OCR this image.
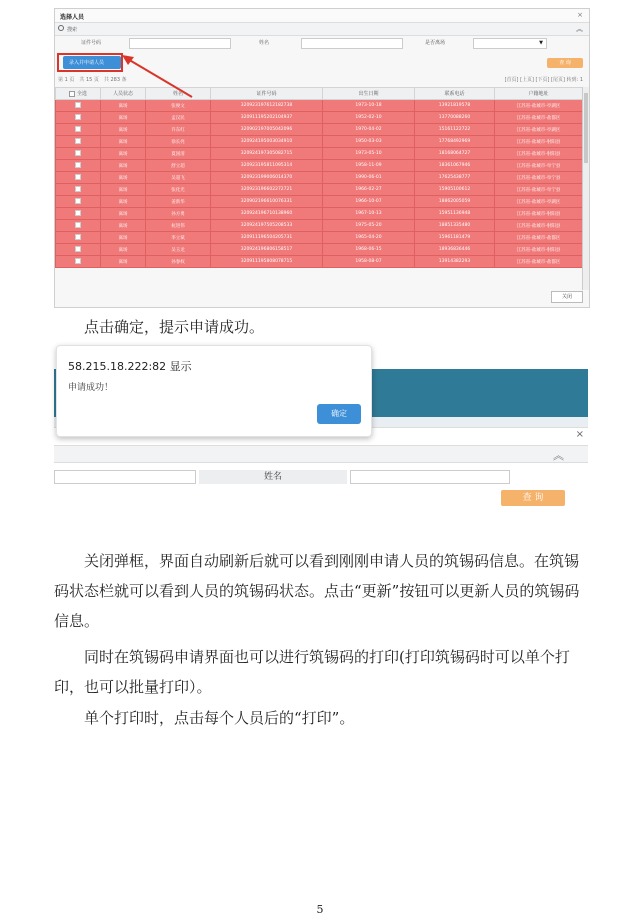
选择人员	×
搜索	︽
证件号码	姓名	是否离场	▼
录入并申请人员	查 询
第 1 页　共 15 页　共 283 条	[首页] [上页] [下页] [尾页] 转到: 1
全选	人员状态	姓名	证件号码	出生日期	联系电话	户籍地址
	离场	张俊文	320923197612182738	1973-10-18	13921819578	江苏省-盐城市-亭湖区
	离场	孟汉民	320911195202104937	1952-02-10	13770088260	江苏省-盐城市-盐都区
	离场	许东红	320902197005042096	1970-04-02	15161122722	江苏省-盐城市-亭湖区
	离场	徐长亮	320924195003034910	1950-03-03	17768492969	江苏省-盐城市-射阳县
	离场	夏国清	320924197305082715	1973-05-10	18168064727	江苏省-盐城市-射阳县
	离场	舒立超	320923195811095314	1958-11-09	18361067946	江苏省-盐城市-阜宁县
	离场	吴超飞	320923199006014370	1990-06-01	17625438777	江苏省-盐城市-阜宁县
	离场	张化光	320923196602272721	1966-02-27	15905100612	江苏省-盐城市-阜宁县
	离场	姜新华	320902196610076331	1966-10-07	18862005059	江苏省-盐城市-亭湖区
	离场	孙方勇	320924196710138960	1967-10-13	15951136948	江苏省-盐城市-射阳县
	离场	杭进伟	320924197505208533	1975-05-20	18851335480	江苏省-盐城市-射阳县
	离场	李立斌	320911196504205731	1965-04-20	15961181479	江苏省-盐城市-盐都区
	离场	吴玉龙	320924196806158517	1968-06-15	18936836446	江苏省-盐城市-射阳县
	离场	孙春权	320911195808078715	1958-08-07	13914382293	江苏省-盐城市-盐都区
关闭
点击确定，提示申请成功。
×
︽
姓名
查 询
58.215.18.222:82 显示
申请成功！
确定
关闭弹框，界面自动刷新后就可以看到刚刚申请人员的筑锡码信息。在筑锡码状态栏就可以看到人员的筑锡码状态。点击“更新”按钮可以更新人员的筑锡码信息。
同时在筑锡码申请界面也可以进行筑锡码的打印(打印筑锡码时可以单个打印，也可以批量打印）。
单个打印时，点击每个人员后的“打印”。
5
